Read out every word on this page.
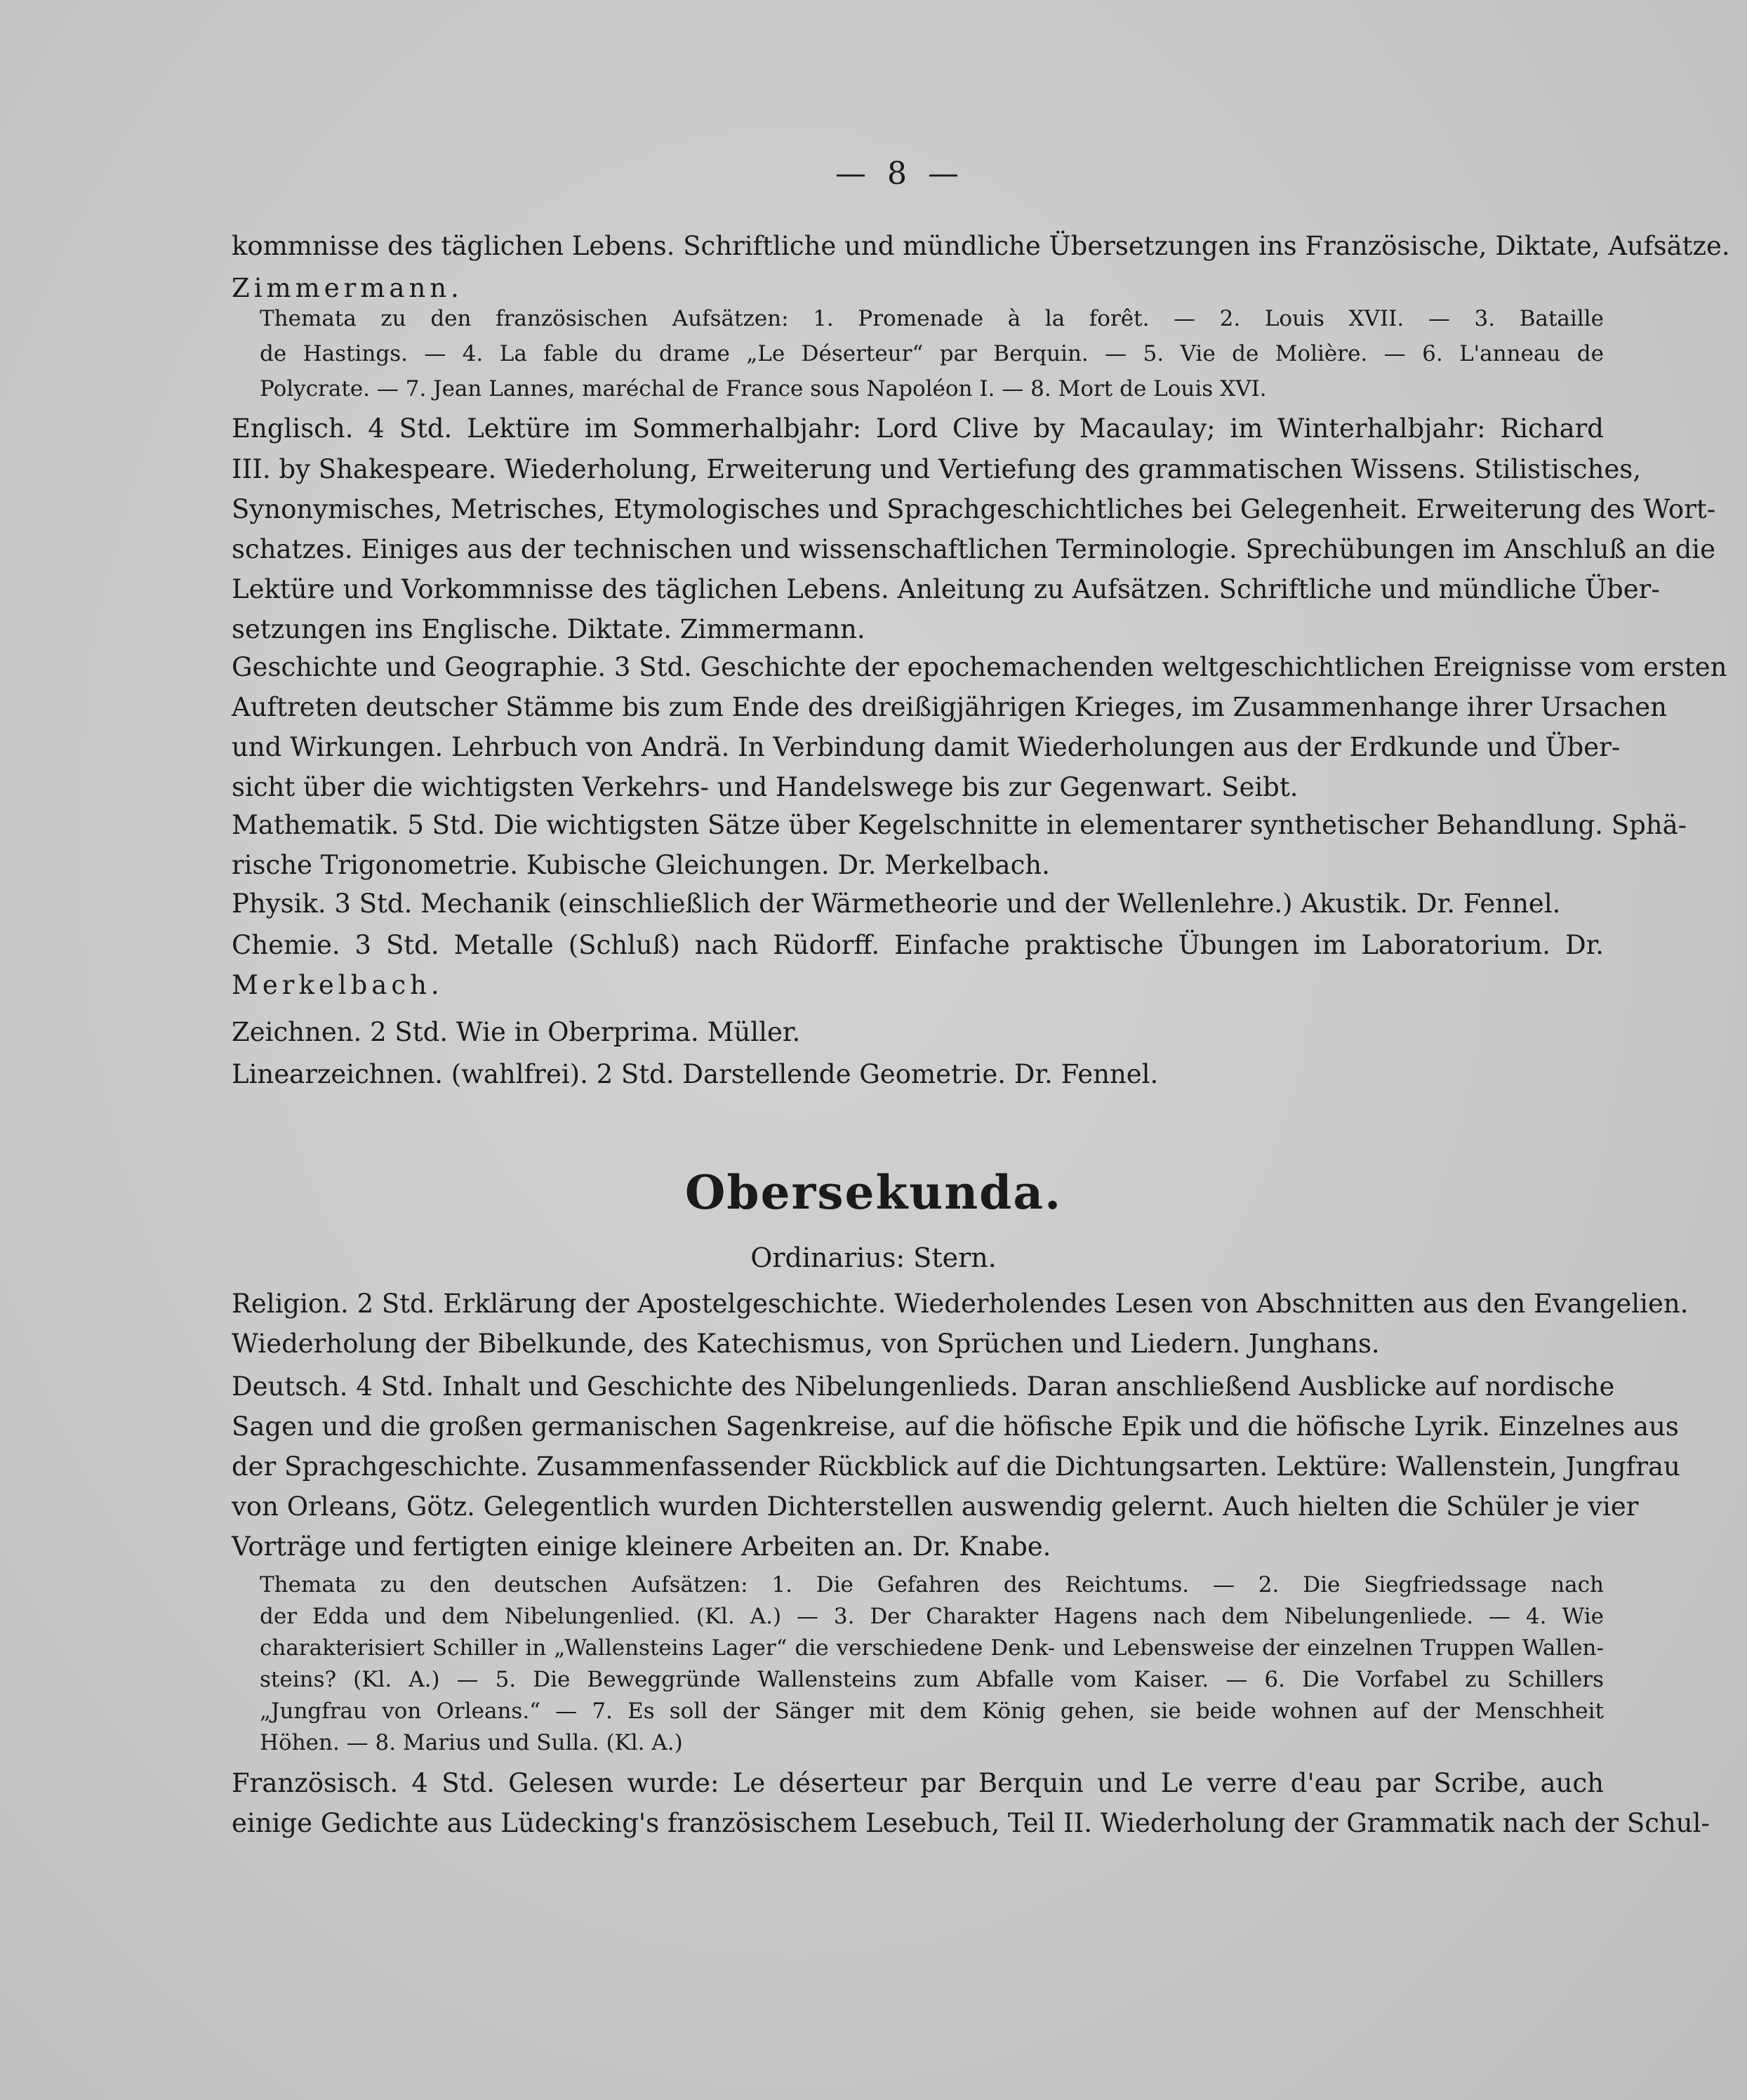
— 8 —
kommnisse des täglichen Lebens. Schriftliche und mündliche Übersetzungen ins Französische, Diktate, Aufsätze.
Zimmermann.
Themata zu den französischen Aufsätzen: 1. Promenade à la forêt. — 2. Louis XVII. — 3. Bataille
de Hastings. — 4. La fable du drame „Le Déserteur“ par Berquin. — 5. Vie de Molière. — 6. L'anneau de
Polycrate. — 7. Jean Lannes, maréchal de France sous Napoléon I. — 8. Mort de Louis XVI.
Englisch. 4 Std. Lektüre im Sommerhalbjahr: Lord Clive by Macaulay; im Winterhalbjahr: Richard
III. by Shakespeare. Wiederholung, Erweiterung und Vertiefung des grammatischen Wissens. Stilistisches,
Synonymisches, Metrisches, Etymologisches und Sprachgeschichtliches bei Gelegenheit. Erweiterung des Wort-
schatzes. Einiges aus der technischen und wissenschaftlichen Terminologie. Sprechübungen im Anschluß an die
Lektüre und Vorkommnisse des täglichen Lebens. Anleitung zu Aufsätzen. Schriftliche und mündliche Über-
setzungen ins Englische. Diktate. Zimmermann.
Geschichte und Geographie. 3 Std. Geschichte der epochemachenden weltgeschichtlichen Ereignisse vom ersten
Auftreten deutscher Stämme bis zum Ende des dreißigjährigen Krieges, im Zusammenhange ihrer Ursachen
und Wirkungen. Lehrbuch von Andrä. In Verbindung damit Wiederholungen aus der Erdkunde und Über-
sicht über die wichtigsten Verkehrs- und Handelswege bis zur Gegenwart. Seibt.
Mathematik. 5 Std. Die wichtigsten Sätze über Kegelschnitte in elementarer synthetischer Behandlung. Sphä-
rische Trigonometrie. Kubische Gleichungen. Dr. Merkelbach.
Physik. 3 Std. Mechanik (einschließlich der Wärmetheorie und der Wellenlehre.) Akustik. Dr. Fennel.
Chemie. 3 Std. Metalle (Schluß) nach Rüdorff. Einfache praktische Übungen im Laboratorium. Dr.
Merkelbach.
Zeichnen. 2 Std. Wie in Oberprima. Müller.
Linearzeichnen. (wahlfrei). 2 Std. Darstellende Geometrie. Dr. Fennel.
Obersekunda.
Ordinarius: Stern.
Religion. 2 Std. Erklärung der Apostelgeschichte. Wiederholendes Lesen von Abschnitten aus den Evangelien.
Wiederholung der Bibelkunde, des Katechismus, von Sprüchen und Liedern. Junghans.
Deutsch. 4 Std. Inhalt und Geschichte des Nibelungenlieds. Daran anschließend Ausblicke auf nordische
Sagen und die großen germanischen Sagenkreise, auf die höfische Epik und die höfische Lyrik. Einzelnes aus
der Sprachgeschichte. Zusammenfassender Rückblick auf die Dichtungsarten. Lektüre: Wallenstein, Jungfrau
von Orleans, Götz. Gelegentlich wurden Dichterstellen auswendig gelernt. Auch hielten die Schüler je vier
Vorträge und fertigten einige kleinere Arbeiten an. Dr. Knabe.
Themata zu den deutschen Aufsätzen: 1. Die Gefahren des Reichtums. — 2. Die Siegfriedssage nach
der Edda und dem Nibelungenlied. (Kl. A.) — 3. Der Charakter Hagens nach dem Nibelungenliede. — 4. Wie
charakterisiert Schiller in „Wallensteins Lager“ die verschiedene Denk- und Lebensweise der einzelnen Truppen Wallen-
steins? (Kl. A.) — 5. Die Beweggründe Wallensteins zum Abfalle vom Kaiser. — 6. Die Vorfabel zu Schillers
„Jungfrau von Orleans.“ — 7. Es soll der Sänger mit dem König gehen, sie beide wohnen auf der Menschheit
Höhen. — 8. Marius und Sulla. (Kl. A.)
Französisch. 4 Std. Gelesen wurde: Le déserteur par Berquin und Le verre d'eau par Scribe, auch
einige Gedichte aus Lüdecking's französischem Lesebuch, Teil II. Wiederholung der Grammatik nach der Schul-
